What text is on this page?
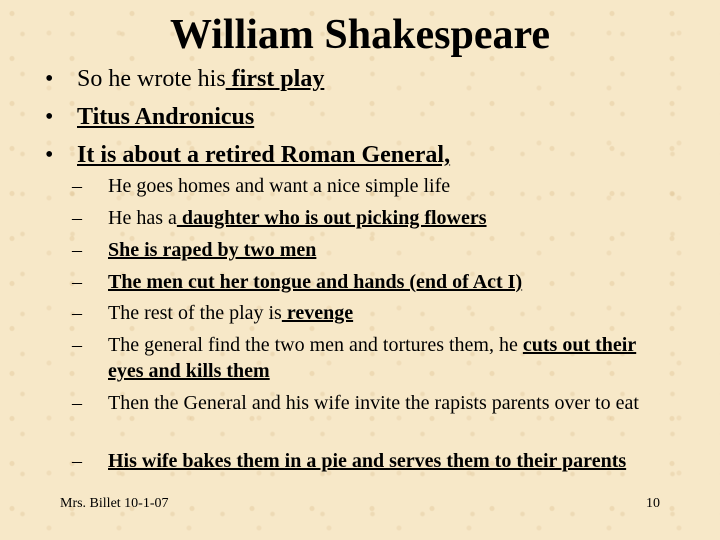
William Shakespeare
• So he wrote his first play
• Titus Andronicus
• It is about a retired Roman General,
– He goes homes and want a nice simple life
– He has a daughter who is out picking flowers
– She is raped by two men
– The men cut her tongue and hands (end of Act I)
– The rest of the play is revenge
– The general find the two men and tortures them, he cuts out their eyes and kills them
– Then the General and his wife invite the rapists parents over to eat
– His wife bakes them in a pie and serves them to their parents
Mrs. Billet 10-1-07	10
